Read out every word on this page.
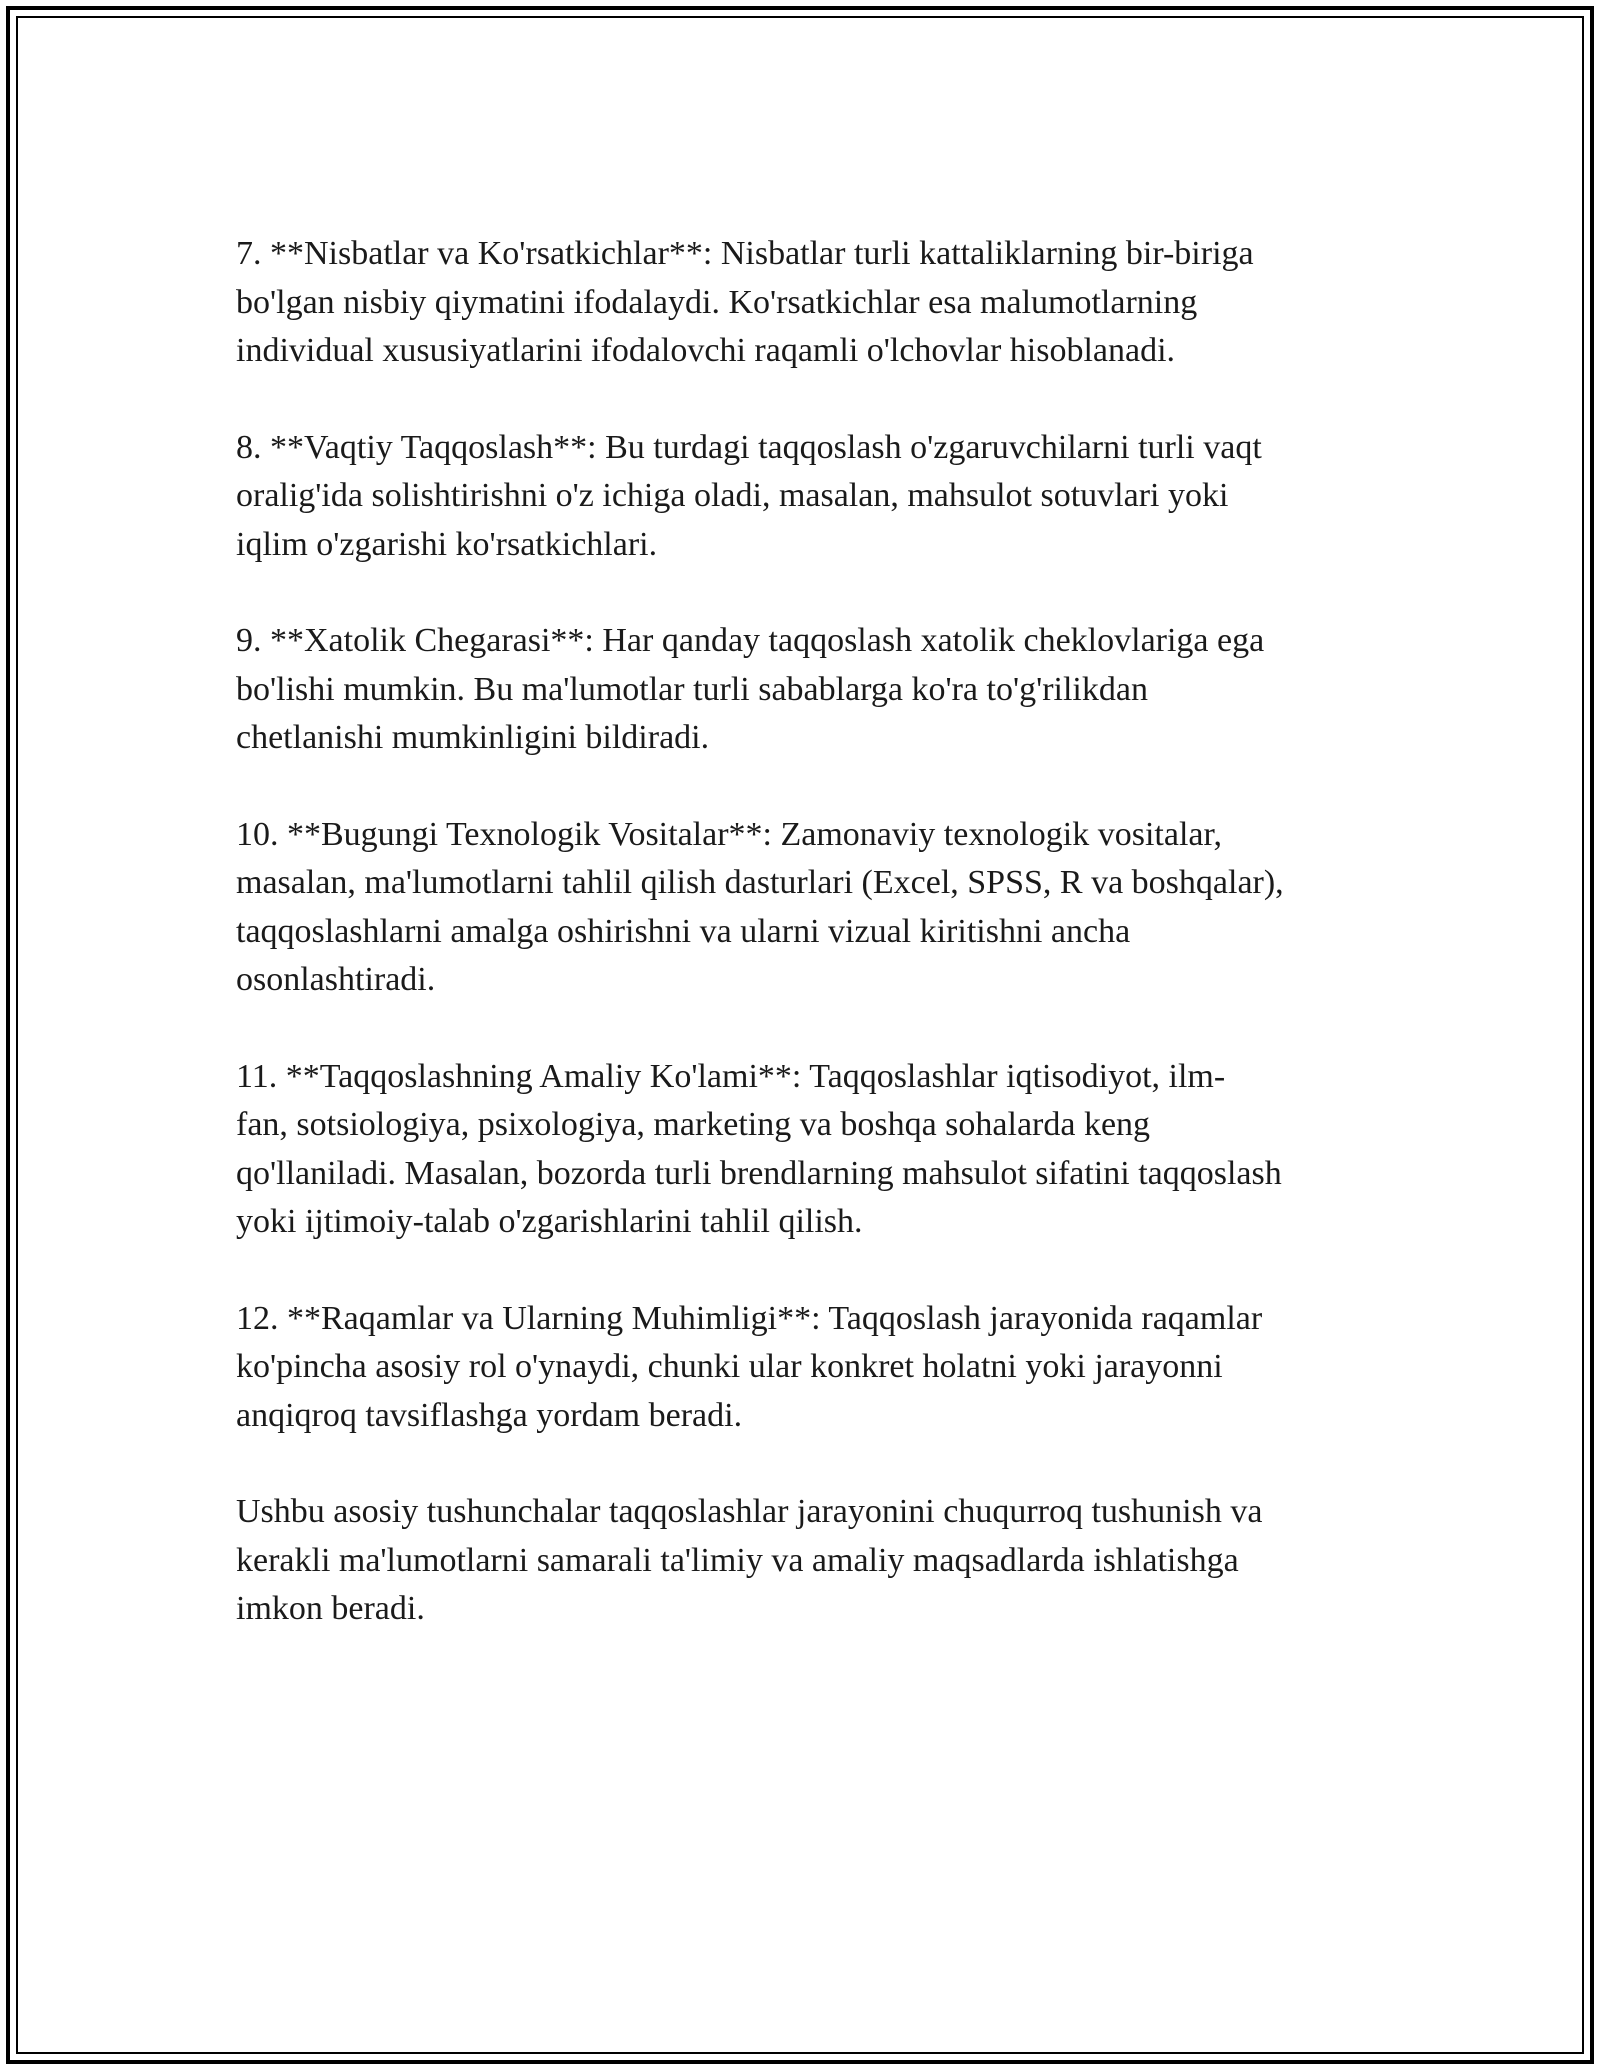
7. **Nisbatlar va Ko'rsatkichlar**: Nisbatlar turli kattaliklarning bir-biriga
bo'lgan nisbiy qiymatini ifodalaydi. Ko'rsatkichlar esa malumotlarning
individual xususiyatlarini ifodalovchi raqamli o'lchovlar hisoblanadi.

8. **Vaqtiy Taqqoslash**: Bu turdagi taqqoslash o'zgaruvchilarni turli vaqt
oralig'ida solishtirishni o'z ichiga oladi, masalan, mahsulot sotuvlari yoki
iqlim o'zgarishi ko'rsatkichlari.

9. **Xatolik Chegarasi**: Har qanday taqqoslash xatolik cheklovlariga ega
bo'lishi mumkin. Bu ma'lumotlar turli sabablarga ko'ra to'g'rilikdan
chetlanishi mumkinligini bildiradi.

10. **Bugungi Texnologik Vositalar**: Zamonaviy texnologik vositalar,
masalan, ma'lumotlarni tahlil qilish dasturlari (Excel, SPSS, R va boshqalar),
taqqoslashlarni amalga oshirishni va ularni vizual kiritishni ancha
osonlashtiradi.

11. **Taqqoslashning Amaliy Ko'lami**: Taqqoslashlar iqtisodiyot, ilm-
fan, sotsiologiya, psixologiya, marketing va boshqa sohalarda keng
qo'llaniladi. Masalan, bozorda turli brendlarning mahsulot sifatini taqqoslash
yoki ijtimoiy-talab o'zgarishlarini tahlil qilish.

12. **Raqamlar va Ularning Muhimligi**: Taqqoslash jarayonida raqamlar
ko'pincha asosiy rol o'ynaydi, chunki ular konkret holatni yoki jarayonni
anqiqroq tavsiflashga yordam beradi.

Ushbu asosiy tushunchalar taqqoslashlar jarayonini chuqurroq tushunish va
kerakli ma'lumotlarni samarali ta'limiy va amaliy maqsadlarda ishlatishga
imkon beradi.
